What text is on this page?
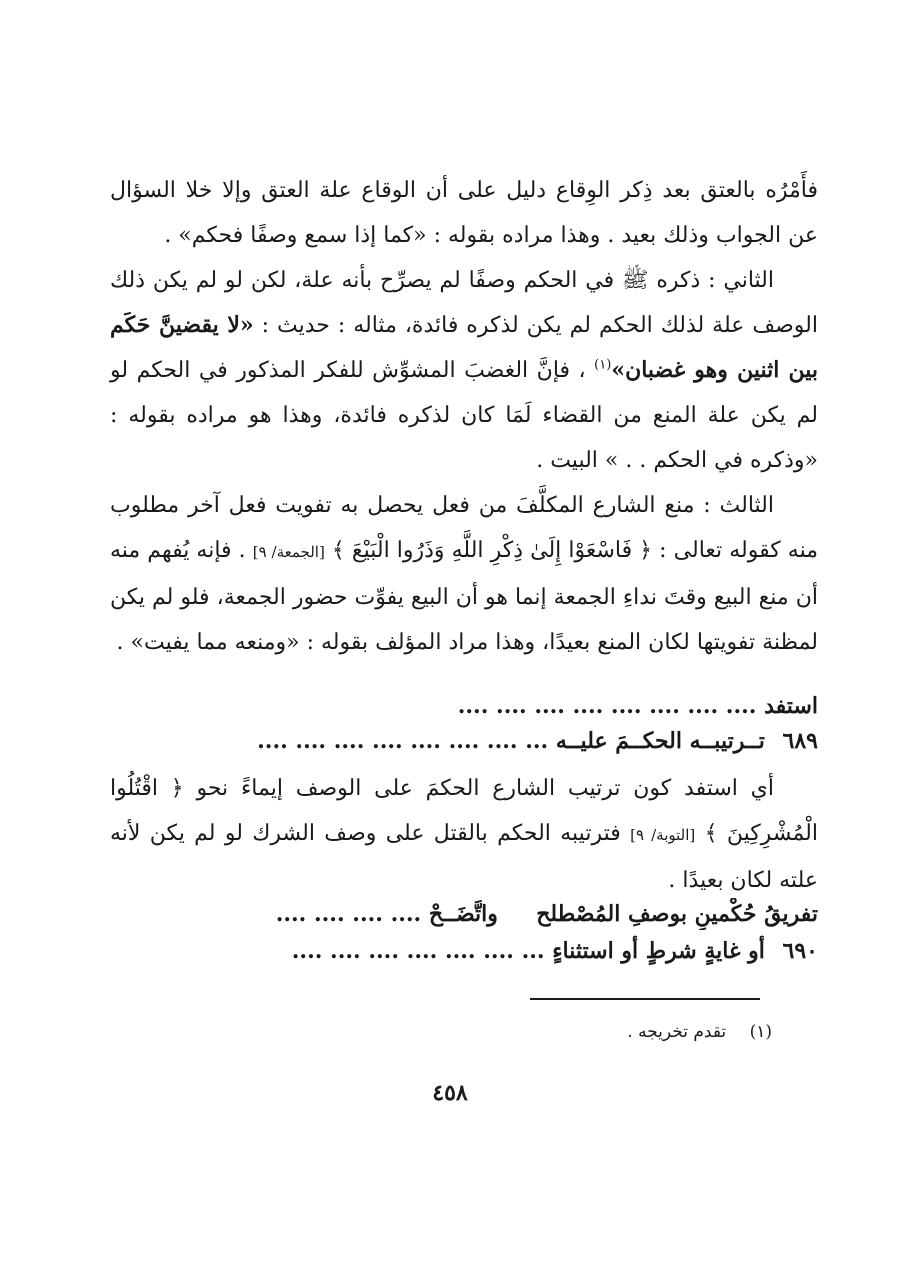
فأَمْرُه بالعتق بعد ذِكر الوِقاع دليل على أن الوقاع علة العتق وإلا خلا السؤال عن الجواب وذلك بعيد . وهذا مراده بقوله : «كما إذا سمع وصفًا فحكم» .

الثاني : ذكره ﷺ في الحكم وصفًا لم يصرِّح بأنه علة، لكن لو لم يكن ذلك الوصف علة لذلك الحكم لم يكن لذكره فائدة، مثاله : حديث : «لا يقضينَّ حَكَم بين اثنين وهو غضبان»$^{(١)}$ ، فإنَّ الغضبَ المشوِّش للفكر المذكور في الحكم لو لم يكن علة المنع من القضاء لَمَا كان لذكره فائدة، وهذا هو مراده بقوله : «وذكره في الحكم . . » البيت .

الثالث : منع الشارع المكلَّفَ من فعل يحصل به تفويت فعل آخر مطلوب منه كقوله تعالى : ﴿ فَاسْعَوْا إِلَىٰ ذِكْرِ اللَّهِ وَذَرُوا الْبَيْعَ ﴾ [الجمعة/ ٩] . فإنه يُفهم منه أن منع البيع وقتَ نداءِ الجمعة إنما هو أن البيع يفوِّت حضور الجمعة، فلو لم يكن لمظنة تفويتها لكان المنع بعيدًا، وهذا مراد المؤلف بقوله : «ومنعه مما يفيت» .

استفد .... .... .... .... .... .... .... ....
٦٨٩ تــرتيبــه الحكــمَ عليــه ... .... .... .... .... .... .... ....

أي استفد كون ترتيب الشارع الحكمَ على الوصف إيماءً نحو ﴿ اقْتُلُوا الْمُشْرِكِينَ ﴾ [التوبة/ ٩] فترتيبه الحكم بالقتل على وصف الشرك لو لم يكن لأنه علته لكان بعيدًا .

تفريقُ حُكْمينِ بوصفِ المُصْطلح     واتَّضَــحْ .... .... .... ....
٦٩٠ أو غايةٍ شرطٍ أو استثناءٍ ... .... .... .... .... .... ....
(١) تقدم تخريجه .
٤٥٨
